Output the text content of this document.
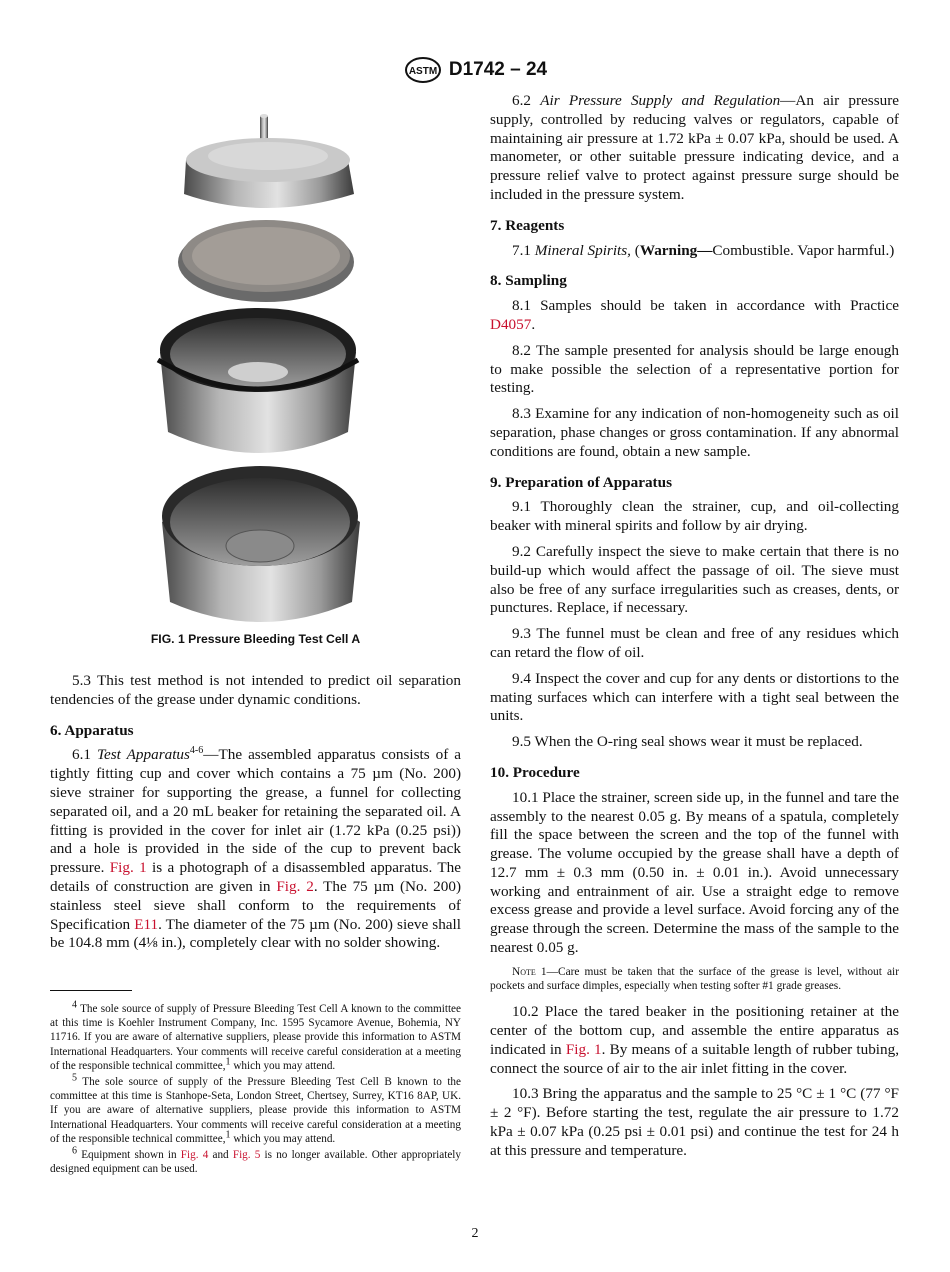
ASTM D1742 – 24
FIG. 1 Pressure Bleeding Test Cell A

5.3 This test method is not intended to predict oil separation tendencies of the grease under dynamic conditions.

6. Apparatus

6.1 Test Apparatus$^{4-6}$—The assembled apparatus consists of a tightly fitting cup and cover which contains a 75 µm (No. 200) sieve strainer for supporting the grease, a funnel for collecting separated oil, and a 20 mL beaker for retaining the separated oil. A fitting is provided in the cover for inlet air (1.72 kPa (0.25 psi)) and a hole is provided in the side of the cup to prevent back pressure. Fig. 1 is a photograph of a disassembled apparatus. The details of construction are given in Fig. 2. The 75 µm (No. 200) stainless steel sieve shall conform to the requirements of Specification E11. The diameter of the 75 µm (No. 200) sieve shall be 104.8 mm (4⅛ in.), completely clear with no solder showing.

$^4$ The sole source of supply of Pressure Bleeding Test Cell A known to the committee at this time is Koehler Instrument Company, Inc. 1595 Sycamore Avenue, Bohemia, NY 11716. If you are aware of alternative suppliers, please provide this information to ASTM International Headquarters. Your comments will receive careful consideration at a meeting of the responsible technical committee,$^1$ which you may attend.

$^5$ The sole source of supply of the Pressure Bleeding Test Cell B known to the committee at this time is Stanhope-Seta, London Street, Chertsey, Surrey, KT16 8AP, UK. If you are aware of alternative suppliers, please provide this information to ASTM International Headquarters. Your comments will receive careful consideration at a meeting of the responsible technical committee,$^1$ which you may attend.

$^6$ Equipment shown in Fig. 4 and Fig. 5 is no longer available. Other appropriately designed equipment can be used.

6.2 Air Pressure Supply and Regulation—An air pressure supply, controlled by reducing valves or regulators, capable of maintaining air pressure at 1.72 kPa ± 0.07 kPa, should be used. A manometer, or other suitable pressure indicating device, and a pressure relief valve to protect against pressure surge should be included in the pressure system.

7. Reagents

7.1 Mineral Spirits, (Warning—Combustible. Vapor harmful.)

8. Sampling

8.1 Samples should be taken in accordance with Practice D4057.

8.2 The sample presented for analysis should be large enough to make possible the selection of a representative portion for testing.

8.3 Examine for any indication of non-homogeneity such as oil separation, phase changes or gross contamination. If any abnormal conditions are found, obtain a new sample.

9. Preparation of Apparatus

9.1 Thoroughly clean the strainer, cup, and oil-collecting beaker with mineral spirits and follow by air drying.

9.2 Carefully inspect the sieve to make certain that there is no build-up which would affect the passage of oil. The sieve must also be free of any surface irregularities such as creases, dents, or punctures. Replace, if necessary.

9.3 The funnel must be clean and free of any residues which can retard the flow of oil.

9.4 Inspect the cover and cup for any dents or distortions to the mating surfaces which can interfere with a tight seal between the units.

9.5 When the O-ring seal shows wear it must be replaced.

10. Procedure

10.1 Place the strainer, screen side up, in the funnel and tare the assembly to the nearest 0.05 g. By means of a spatula, completely fill the space between the screen and the top of the funnel with grease. The volume occupied by the grease shall have a depth of 12.7 mm ± 0.3 mm (0.50 in. ± 0.01 in.). Avoid unnecessary working and entrainment of air. Use a straight edge to remove excess grease and provide a level surface. Avoid forcing any of the grease through the screen. Determine the mass of the sample to the nearest 0.05 g.

Note 1—Care must be taken that the surface of the grease is level, without air pockets and surface dimples, especially when testing softer #1 grade greases.

10.2 Place the tared beaker in the positioning retainer at the center of the bottom cup, and assemble the entire apparatus as indicated in Fig. 1. By means of a suitable length of rubber tubing, connect the source of air to the air inlet fitting in the cover.

10.3 Bring the apparatus and the sample to 25 °C ± 1 °C (77 °F ± 2 °F). Before starting the test, regulate the air pressure to 1.72 kPa ± 0.07 kPa (0.25 psi ± 0.01 psi) and continue the test for 24 h at this pressure and temperature.

2
